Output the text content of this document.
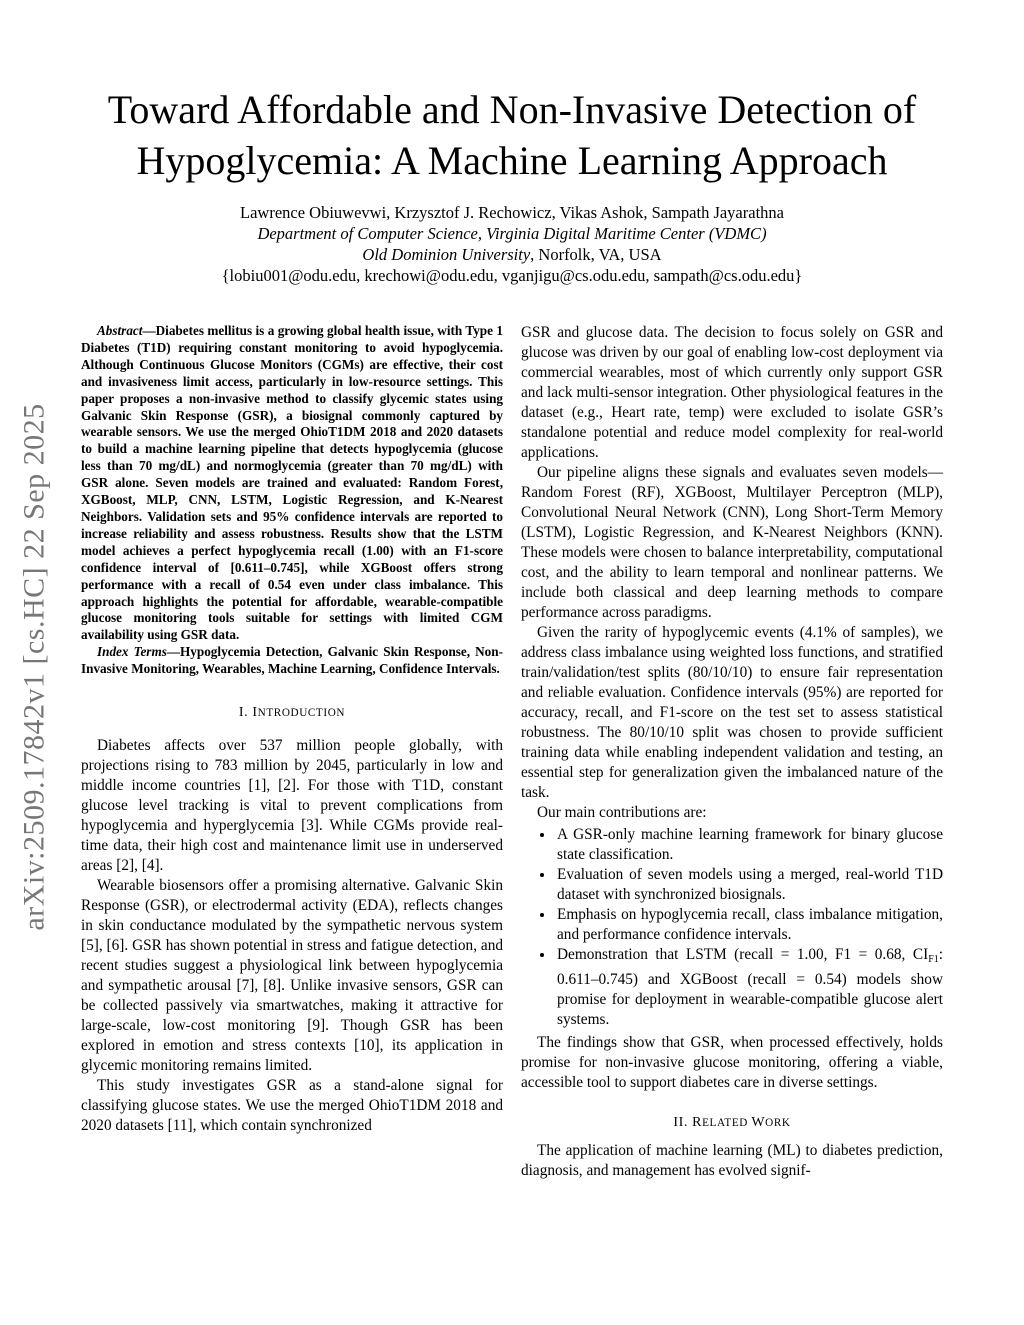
arXiv:2509.17842v1 [cs.HC] 22 Sep 2025
Toward Affordable and Non-Invasive Detection of
Hypoglycemia: A Machine Learning Approach
Lawrence Obiuwevwi, Krzysztof J. Rechowicz, Vikas Ashok, Sampath Jayarathna
Department of Computer Science, Virginia Digital Maritime Center (VDMC)
Old Dominion University, Norfolk, VA, USA
{lobiu001@odu.edu, krechowi@odu.edu, vganjigu@cs.odu.edu, sampath@cs.odu.edu}

Abstract—Diabetes mellitus is a growing global health issue, with Type 1 Diabetes (T1D) requiring constant monitoring to avoid hypoglycemia. Although Continuous Glucose Monitors (CGMs) are effective, their cost and invasiveness limit access, particularly in low-resource settings. This paper proposes a non-invasive method to classify glycemic states using Galvanic Skin Response (GSR), a biosignal commonly captured by wearable sensors. We use the merged OhioT1DM 2018 and 2020 datasets to build a machine learning pipeline that detects hypoglycemia (glucose less than 70 mg/dL) and normoglycemia (greater than 70 mg/dL) with GSR alone. Seven models are trained and evaluated: Random Forest, XGBoost, MLP, CNN, LSTM, Logistic Regression, and K-Nearest Neighbors. Validation sets and 95% confidence intervals are reported to increase reliability and assess robustness. Results show that the LSTM model achieves a perfect hypoglycemia recall (1.00) with an F1-score confidence interval of [0.611–0.745], while XGBoost offers strong performance with a recall of 0.54 even under class imbalance. This approach highlights the potential for affordable, wearable-compatible glucose monitoring tools suitable for settings with limited CGM availability using GSR data.

Index Terms—Hypoglycemia Detection, Galvanic Skin Response, Non-Invasive Monitoring, Wearables, Machine Learning, Confidence Intervals.

I. INTRODUCTION

Diabetes affects over 537 million people globally, with projections rising to 783 million by 2045, particularly in low and middle income countries [1], [2]. For those with T1D, constant glucose level tracking is vital to prevent complications from hypoglycemia and hyperglycemia [3]. While CGMs provide real-time data, their high cost and maintenance limit use in underserved areas [2], [4].

Wearable biosensors offer a promising alternative. Galvanic Skin Response (GSR), or electrodermal activity (EDA), reflects changes in skin conductance modulated by the sympathetic nervous system [5], [6]. GSR has shown potential in stress and fatigue detection, and recent studies suggest a physiological link between hypoglycemia and sympathetic arousal [7], [8]. Unlike invasive sensors, GSR can be collected passively via smartwatches, making it attractive for large-scale, low-cost monitoring [9]. Though GSR has been explored in emotion and stress contexts [10], its application in glycemic monitoring remains limited.

This study investigates GSR as a stand-alone signal for classifying glucose states. We use the merged OhioT1DM 2018 and 2020 datasets [11], which contain synchronized

GSR and glucose data. The decision to focus solely on GSR and glucose was driven by our goal of enabling low-cost deployment via commercial wearables, most of which currently only support GSR and lack multi-sensor integration. Other physiological features in the dataset (e.g., Heart rate, temp) were excluded to isolate GSR’s standalone potential and reduce model complexity for real-world applications.

Our pipeline aligns these signals and evaluates seven models—Random Forest (RF), XGBoost, Multilayer Perceptron (MLP), Convolutional Neural Network (CNN), Long Short-Term Memory (LSTM), Logistic Regression, and K-Nearest Neighbors (KNN). These models were chosen to balance interpretability, computational cost, and the ability to learn temporal and nonlinear patterns. We include both classical and deep learning methods to compare performance across paradigms.

Given the rarity of hypoglycemic events (4.1% of samples), we address class imbalance using weighted loss functions, and stratified train/validation/test splits (80/10/10) to ensure fair representation and reliable evaluation. Confidence intervals (95%) are reported for accuracy, recall, and F1-score on the test set to assess statistical robustness. The 80/10/10 split was chosen to provide sufficient training data while enabling independent validation and testing, an essential step for generalization given the imbalanced nature of the task.

Our main contributions are:

• A GSR-only machine learning framework for binary glucose state classification.
• Evaluation of seven models using a merged, real-world T1D dataset with synchronized biosignals.
• Emphasis on hypoglycemia recall, class imbalance mitigation, and performance confidence intervals.
• Demonstration that LSTM (recall = 1.00, F1 = 0.68, $CI_{F1}$: 0.611–0.745) and XGBoost (recall = 0.54) models show promise for deployment in wearable-compatible glucose alert systems.

The findings show that GSR, when processed effectively, holds promise for non-invasive glucose monitoring, offering a viable, accessible tool to support diabetes care in diverse settings.

II. RELATED WORK

The application of machine learning (ML) to diabetes prediction, diagnosis, and management has evolved signif-
